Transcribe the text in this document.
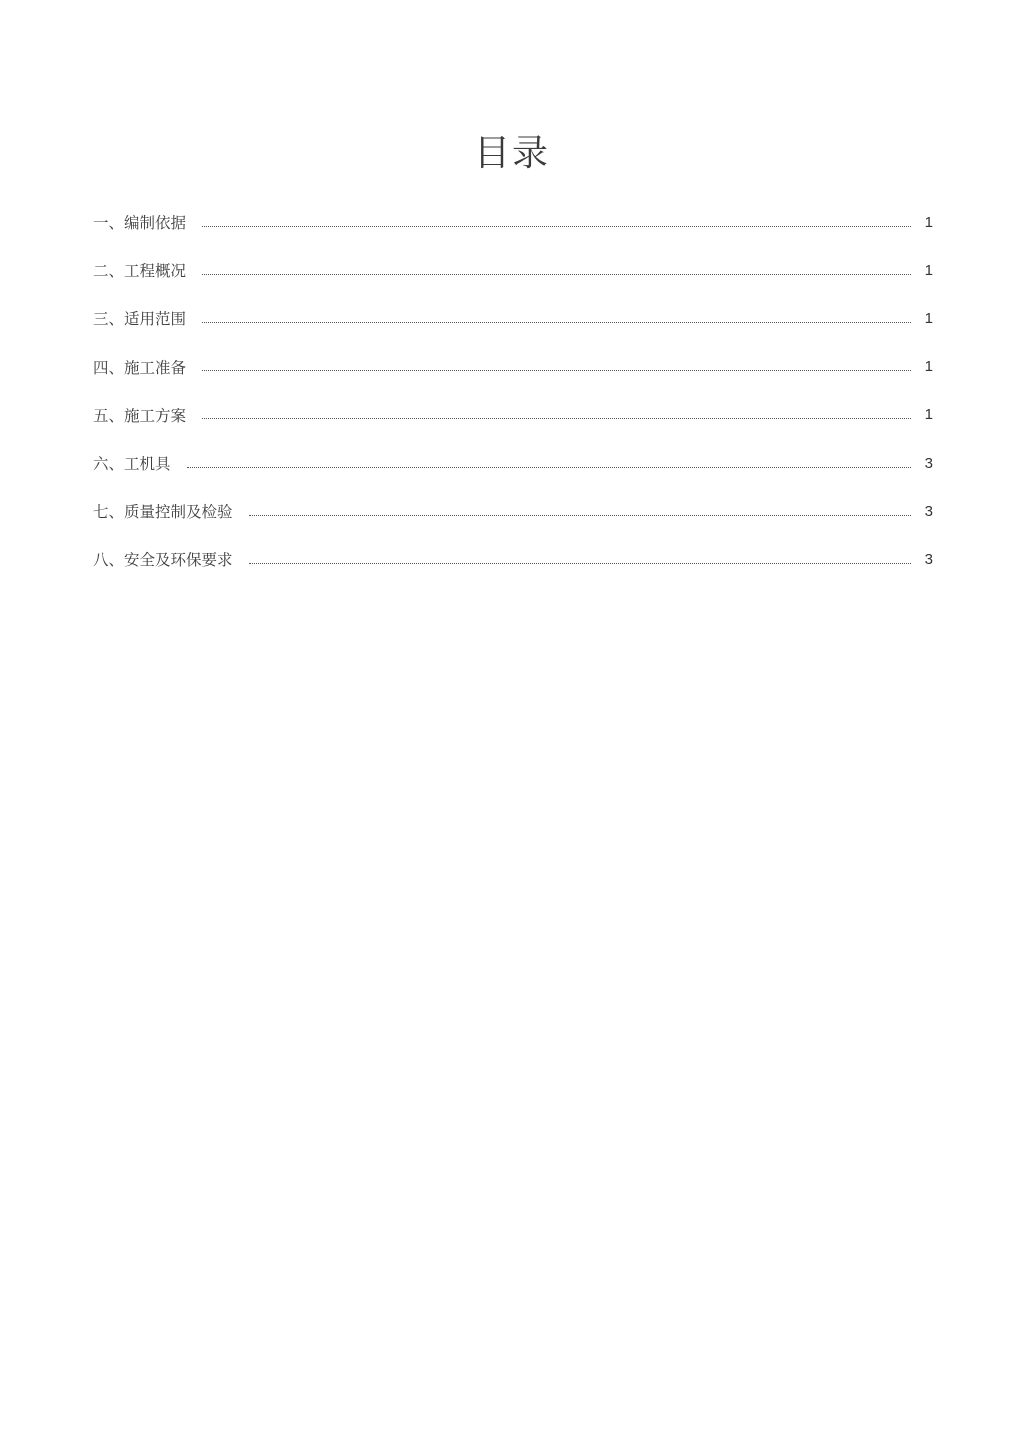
目录
一、 编制依据	1
二、 工程概况	1
三、 适用范围	1
四、 施工准备	1
五、 施工方案	1
六、 工机具	3
七、 质量控制及检验	3
八、 安全及环保要求	3
